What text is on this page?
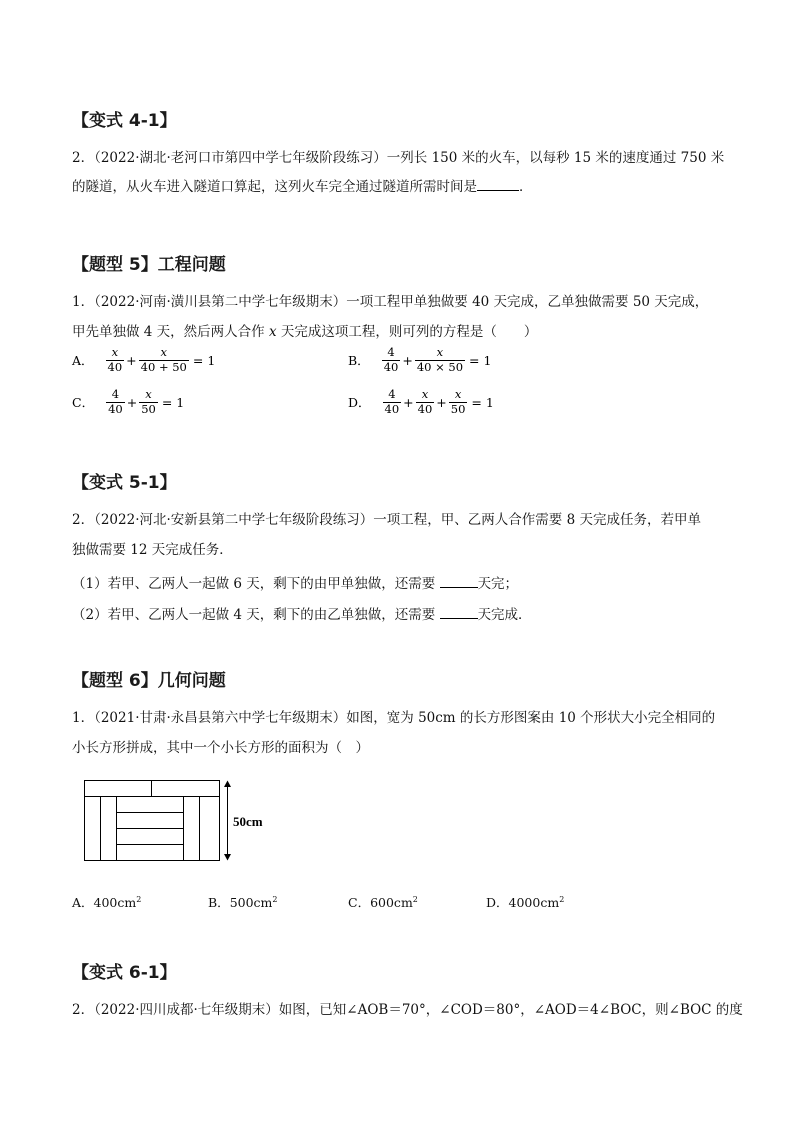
【变式 4-1】
2．（2022·湖北·老河口市第四中学七年级阶段练习）一列长 150 米的火车，以每秒 15 米的速度通过 750 米
的隧道，从火车进入隧道口算起，这列火车完全通过隧道所需时间是	．
【题型 5】工程问题
1．（2022·河南·潢川县第二中学七年级期末）一项工程甲单独做要 40 天完成，乙单独做需要 50 天完成，
甲先单独做 4 天，然后两人合作 x 天完成这项工程，则可列的方程是（　　）
A． $\frac{x}{40} + \frac{x}{40 + 50} = 1$	B． $\frac{4}{40} + \frac{x}{40 \times 50} = 1$
C． $\frac{4}{40} + \frac{x}{50} = 1$	D． $\frac{4}{40} + \frac{x}{40} + \frac{x}{50} = 1$
【变式 5-1】
2．（2022·河北·安新县第二中学七年级阶段练习）一项工程，甲、乙两人合作需要 8 天完成任务，若甲单
独做需要 12 天完成任务．
（1）若甲、乙两人一起做 6 天，剩下的由甲单独做，还需要	天完；
（2）若甲、乙两人一起做 4 天，剩下的由乙单独做，还需要	天完成．
【题型 6】几何问题
1．（2021·甘肃·永昌县第六中学七年级期末）如图，宽为 50cm 的长方形图案由 10 个形状大小完全相同的
小长方形拼成，其中一个小长方形的面积为（　）
50cm
A．$400cm^2$	B．$500cm^2$	C．$600cm^2$	D．$4000cm^2$
【变式 6-1】
2．（2022·四川成都·七年级期末）如图，已知∠AOB＝70°，∠COD＝80°，∠AOD＝4∠BOC，则∠BOC 的度
